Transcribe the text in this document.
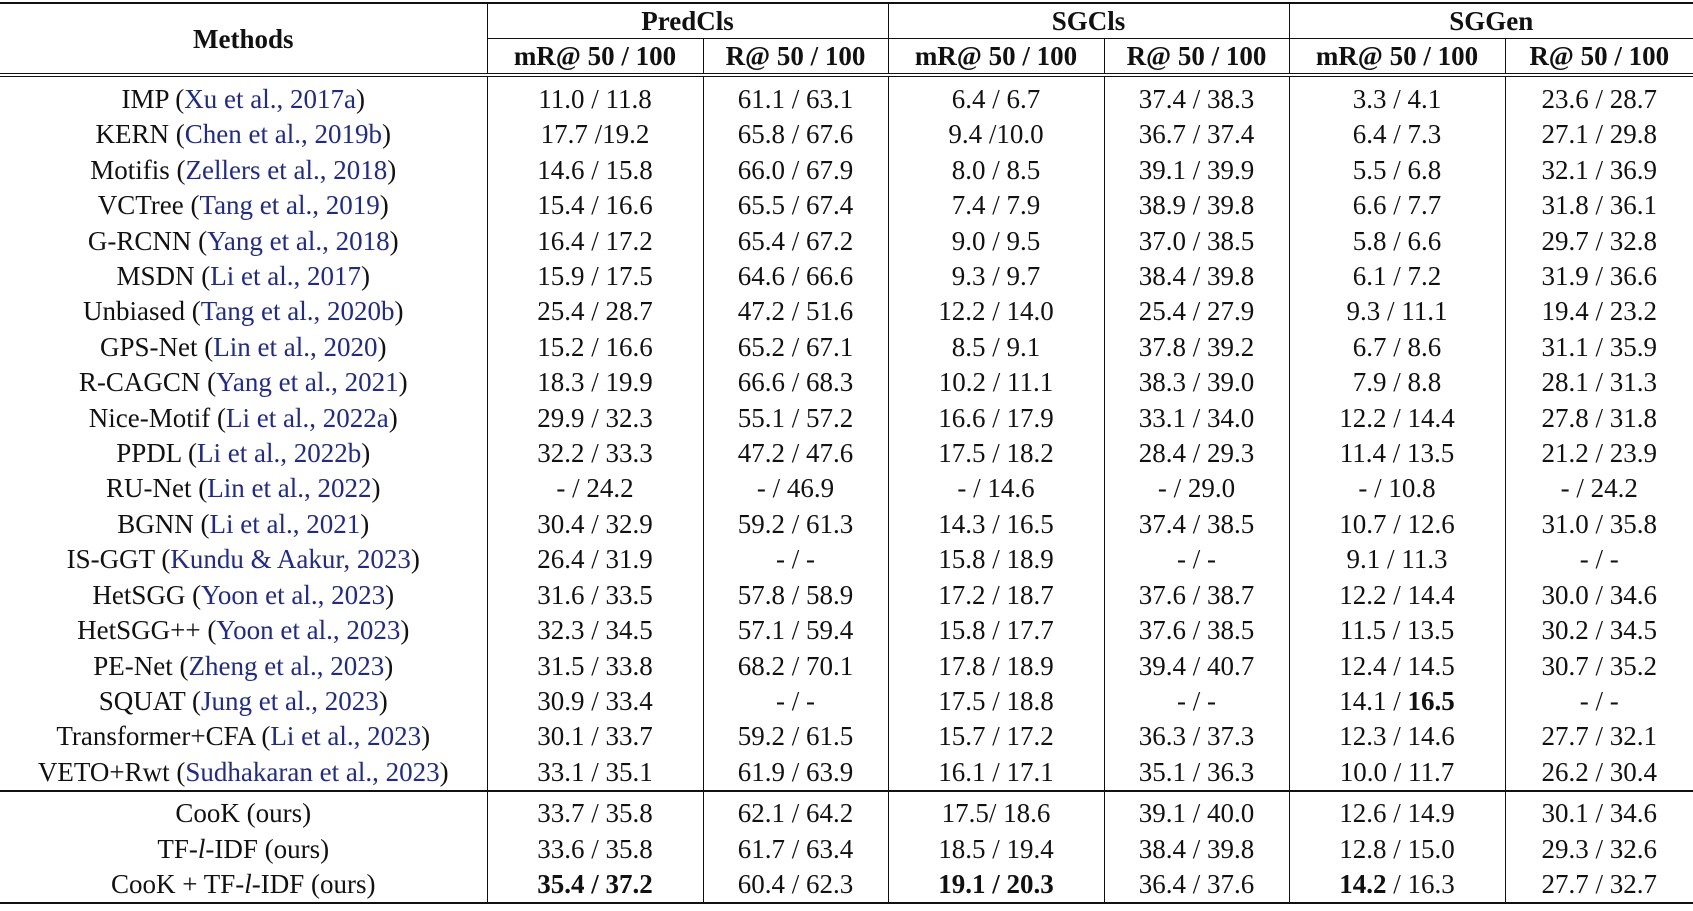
Methods	PredCls		SGCls		SGGen	
	mR@ 50 / 100	R@ 50 / 100	mR@ 50 / 100	R@ 50 / 100	mR@ 50 / 100	R@ 50 / 100
IMP (Xu et al., 2017a)	11.0 / 11.8	61.1 / 63.1	6.4 / 6.7	37.4 / 38.3	3.3 / 4.1	23.6 / 28.7
KERN (Chen et al., 2019b)	17.7 /19.2	65.8 / 67.6	9.4 /10.0	36.7 / 37.4	6.4 / 7.3	27.1 / 29.8
Motifis (Zellers et al., 2018)	14.6 / 15.8	66.0 / 67.9	8.0 / 8.5	39.1 / 39.9	5.5 / 6.8	32.1 / 36.9
VCTree (Tang et al., 2019)	15.4 / 16.6	65.5 / 67.4	7.4 / 7.9	38.9 / 39.8	6.6 / 7.7	31.8 / 36.1
G-RCNN (Yang et al., 2018)	16.4 / 17.2	65.4 / 67.2	9.0 / 9.5	37.0 / 38.5	5.8 / 6.6	29.7 / 32.8
MSDN (Li et al., 2017)	15.9 / 17.5	64.6 / 66.6	9.3 / 9.7	38.4 / 39.8	6.1 / 7.2	31.9 / 36.6
Unbiased (Tang et al., 2020b)	25.4 / 28.7	47.2 / 51.6	12.2 / 14.0	25.4 / 27.9	9.3 / 11.1	19.4 / 23.2
GPS-Net (Lin et al., 2020)	15.2 / 16.6	65.2 / 67.1	8.5 / 9.1	37.8 / 39.2	6.7 / 8.6	31.1 / 35.9
R-CAGCN (Yang et al., 2021)	18.3 / 19.9	66.6 / 68.3	10.2 / 11.1	38.3 / 39.0	7.9 / 8.8	28.1 / 31.3
Nice-Motif (Li et al., 2022a)	29.9 / 32.3	55.1 / 57.2	16.6 / 17.9	33.1 / 34.0	12.2 / 14.4	27.8 / 31.8
PPDL (Li et al., 2022b)	32.2 / 33.3	47.2 / 47.6	17.5 / 18.2	28.4 / 29.3	11.4 / 13.5	21.2 / 23.9
RU-Net (Lin et al., 2022)	- / 24.2	- / 46.9	- / 14.6	- / 29.0	- / 10.8	- / 24.2
BGNN (Li et al., 2021)	30.4 / 32.9	59.2 / 61.3	14.3 / 16.5	37.4 / 38.5	10.7 / 12.6	31.0 / 35.8
IS-GGT (Kundu & Aakur, 2023)	26.4 / 31.9	- / -	15.8 / 18.9	- / -	9.1 / 11.3	- / -
HetSGG (Yoon et al., 2023)	31.6 / 33.5	57.8 / 58.9	17.2 / 18.7	37.6 / 38.7	12.2 / 14.4	30.0 / 34.6
HetSGG++ (Yoon et al., 2023)	32.3 / 34.5	57.1 / 59.4	15.8 / 17.7	37.6 / 38.5	11.5 / 13.5	30.2 / 34.5
PE-Net (Zheng et al., 2023)	31.5 / 33.8	68.2 / 70.1	17.8 / 18.9	39.4 / 40.7	12.4 / 14.5	30.7 / 35.2
SQUAT (Jung et al., 2023)	30.9 / 33.4	- / -	17.5 / 18.8	- / -	14.1 / 16.5	- / -
Transformer+CFA (Li et al., 2023)	30.1 / 33.7	59.2 / 61.5	15.7 / 17.2	36.3 / 37.3	12.3 / 14.6	27.7 / 32.1
VETO+Rwt (Sudhakaran et al., 2023)	33.1 / 35.1	61.9 / 63.9	16.1 / 17.1	35.1 / 36.3	10.0 / 11.7	26.2 / 30.4
CooK (ours)	33.7 / 35.8	62.1 / 64.2	17.5/ 18.6	39.1 / 40.0	12.6 / 14.9	30.1 / 34.6
TF-l-IDF (ours)	33.6 / 35.8	61.7 / 63.4	18.5 / 19.4	38.4 / 39.8	12.8 / 15.0	29.3 / 32.6
CooK + TF-l-IDF (ours)	35.4 / 37.2	60.4 / 62.3	19.1 / 20.3	36.4 / 37.6	14.2 / 16.3	27.7 / 32.7
